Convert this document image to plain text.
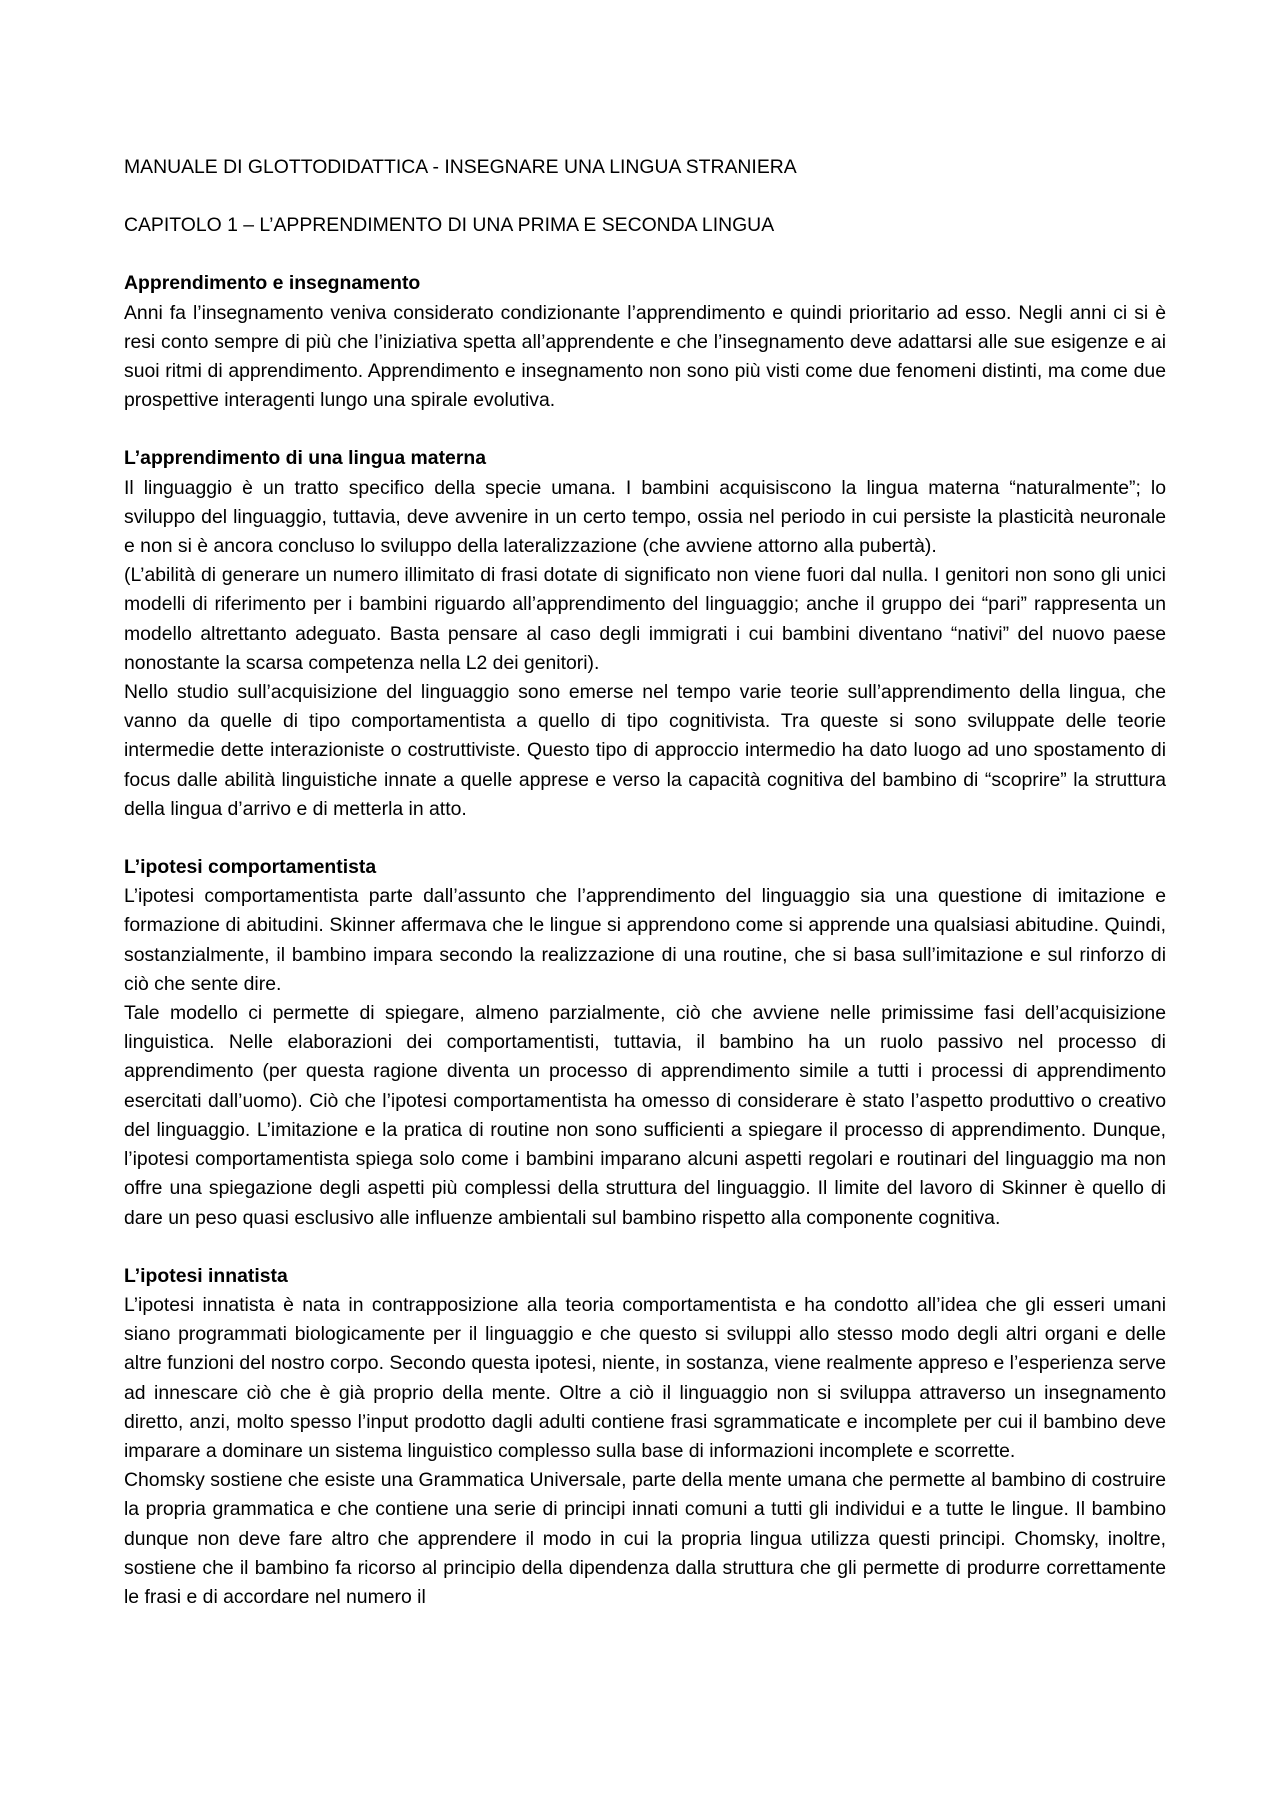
MANUALE DI GLOTTODIDATTICA - INSEGNARE UNA LINGUA STRANIERA
CAPITOLO 1 – L’APPRENDIMENTO DI UNA PRIMA E SECONDA LINGUA
Apprendimento e insegnamento

Anni fa l’insegnamento veniva considerato condizionante l’apprendimento e quindi prioritario ad esso. Negli anni ci si è resi conto sempre di più che l’iniziativa spetta all’apprendente e che l’insegnamento deve adattarsi alle sue esigenze e ai suoi ritmi di apprendimento. Apprendimento e insegnamento non sono più visti come due fenomeni distinti, ma come due prospettive interagenti lungo una spirale evolutiva.

L’apprendimento di una lingua materna

Il linguaggio è un tratto specifico della specie umana. I bambini acquisiscono la lingua materna “naturalmente”; lo sviluppo del linguaggio, tuttavia, deve avvenire in un certo tempo, ossia nel periodo in cui persiste la plasticità neuronale e non si è ancora concluso lo sviluppo della lateralizzazione (che avviene attorno alla pubertà).

(L’abilità di generare un numero illimitato di frasi dotate di significato non viene fuori dal nulla. I genitori non sono gli unici modelli di riferimento per i bambini riguardo all’apprendimento del linguaggio; anche il gruppo dei “pari” rappresenta un modello altrettanto adeguato. Basta pensare al caso degli immigrati i cui bambini diventano “nativi” del nuovo paese nonostante la scarsa competenza nella L2 dei genitori).

Nello studio sull’acquisizione del linguaggio sono emerse nel tempo varie teorie sull’apprendimento della lingua, che vanno da quelle di tipo comportamentista a quello di tipo cognitivista. Tra queste si sono sviluppate delle teorie intermedie dette interazioniste o costruttiviste. Questo tipo di approccio intermedio ha dato luogo ad uno spostamento di focus dalle abilità linguistiche innate a quelle apprese e verso la capacità cognitiva del bambino di “scoprire” la struttura della lingua d’arrivo e di metterla in atto.

L’ipotesi comportamentista

L’ipotesi comportamentista parte dall’assunto che l’apprendimento del linguaggio sia una questione di imitazione e formazione di abitudini. Skinner affermava che le lingue si apprendono come si apprende una qualsiasi abitudine. Quindi, sostanzialmente, il bambino impara secondo la realizzazione di una routine, che si basa sull’imitazione e sul rinforzo di ciò che sente dire.

Tale modello ci permette di spiegare, almeno parzialmente, ciò che avviene nelle primissime fasi dell’acquisizione linguistica. Nelle elaborazioni dei comportamentisti, tuttavia, il bambino ha un ruolo passivo nel processo di apprendimento (per questa ragione diventa un processo di apprendimento simile a tutti i processi di apprendimento esercitati dall’uomo). Ciò che l’ipotesi comportamentista ha omesso di considerare è stato l’aspetto produttivo o creativo del linguaggio. L’imitazione e la pratica di routine non sono sufficienti a spiegare il processo di apprendimento. Dunque, l’ipotesi comportamentista spiega solo come i bambini imparano alcuni aspetti regolari e routinari del linguaggio ma non offre una spiegazione degli aspetti più complessi della struttura del linguaggio. Il limite del lavoro di Skinner è quello di dare un peso quasi esclusivo alle influenze ambientali sul bambino rispetto alla componente cognitiva.

L’ipotesi innatista

L’ipotesi innatista è nata in contrapposizione alla teoria comportamentista e ha condotto all’idea che gli esseri umani siano programmati biologicamente per il linguaggio e che questo si sviluppi allo stesso modo degli altri organi e delle altre funzioni del nostro corpo. Secondo questa ipotesi, niente, in sostanza, viene realmente appreso e l’esperienza serve ad innescare ciò che è già proprio della mente. Oltre a ciò il linguaggio non si sviluppa attraverso un insegnamento diretto, anzi, molto spesso l’input prodotto dagli adulti contiene frasi sgrammaticate e incomplete per cui il bambino deve imparare a dominare un sistema linguistico complesso sulla base di informazioni incomplete e scorrette.

Chomsky sostiene che esiste una Grammatica Universale, parte della mente umana che permette al bambino di costruire la propria grammatica e che contiene una serie di principi innati comuni a tutti gli individui e a tutte le lingue. Il bambino dunque non deve fare altro che apprendere il modo in cui la propria lingua utilizza questi principi. Chomsky, inoltre, sostiene che il bambino fa ricorso al principio della dipendenza dalla struttura che gli permette di produrre correttamente le frasi e di accordare nel numero il
